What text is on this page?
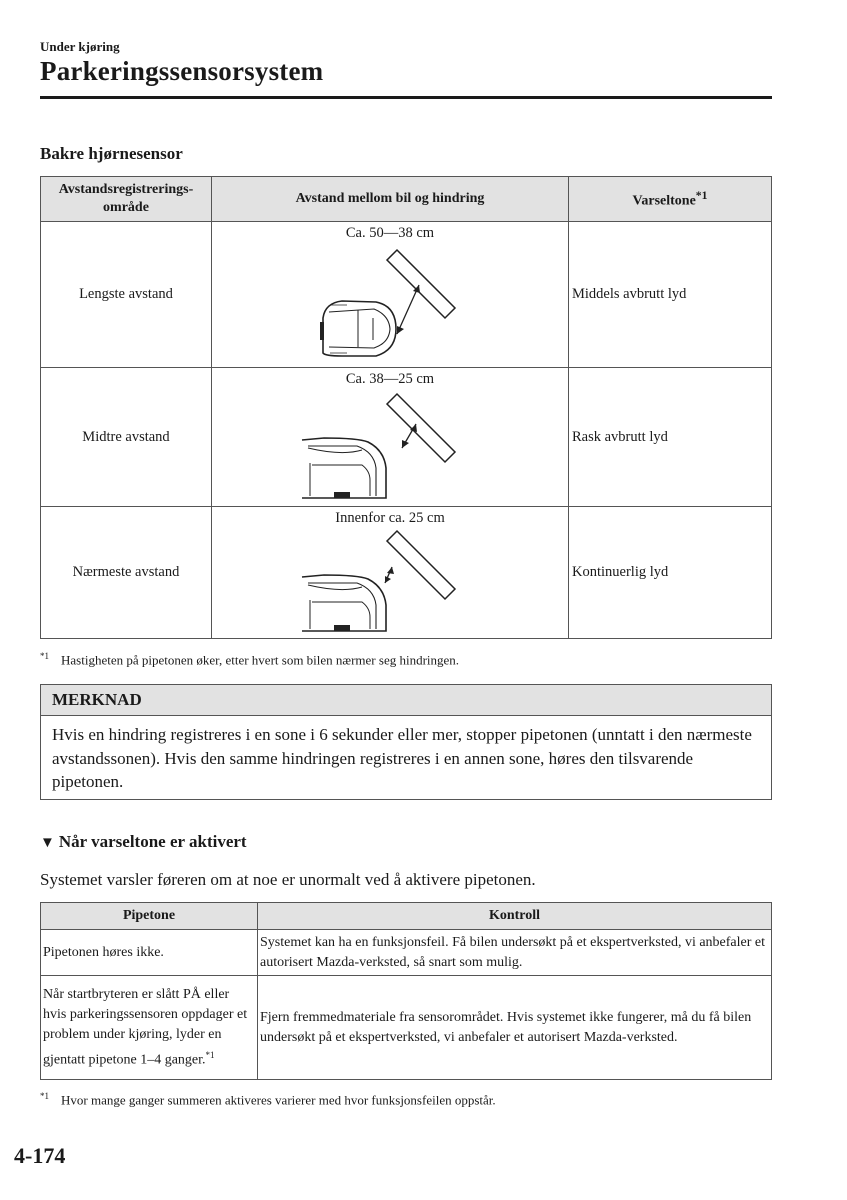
Under kjøring
Parkeringssensorsystem
Bakre hjørnesensor
Avstandsregistrerings-område	Avstand mellom bil og hindring	Varseltone$^{*1}$
Lengste avstand	Ca. 50—38 cm	Middels avbrutt lyd
Midtre avstand	Ca. 38—25 cm	Rask avbrutt lyd
Nærmeste avstand	Innenfor ca. 25 cm	Kontinuerlig lyd
$^{*1}$ Hastigheten på pipetonen øker, etter hvert som bilen nærmer seg hindringen.
MERKNAD
Hvis en hindring registreres i en sone i 6 sekunder eller mer, stopper pipetonen (unntatt i den nærmeste avstandssonen). Hvis den samme hindringen registreres i en annen sone, høres den tilsvarende pipetonen.
▼ Når varseltone er aktivert
Systemet varsler føreren om at noe er unormalt ved å aktivere pipetonen.
Pipetone	Kontroll
Pipetonen høres ikke.	Systemet kan ha en funksjonsfeil. Få bilen undersøkt på et ekspertverksted, vi anbefaler et autorisert Mazda-verksted, så snart som mulig.
Når startbryteren er slått PÅ eller hvis parkeringssensoren oppdager et problem under kjøring, lyder en gjentatt pipetone 1–4 ganger.$^{*1}$	Fjern fremmedmateriale fra sensorområdet. Hvis systemet ikke fungerer, må du få bilen undersøkt på et ekspertverksted, vi anbefaler et autorisert Mazda-verksted.
$^{*1}$ Hvor mange ganger summeren aktiveres varierer med hvor funksjonsfeilen oppstår.
4-174
